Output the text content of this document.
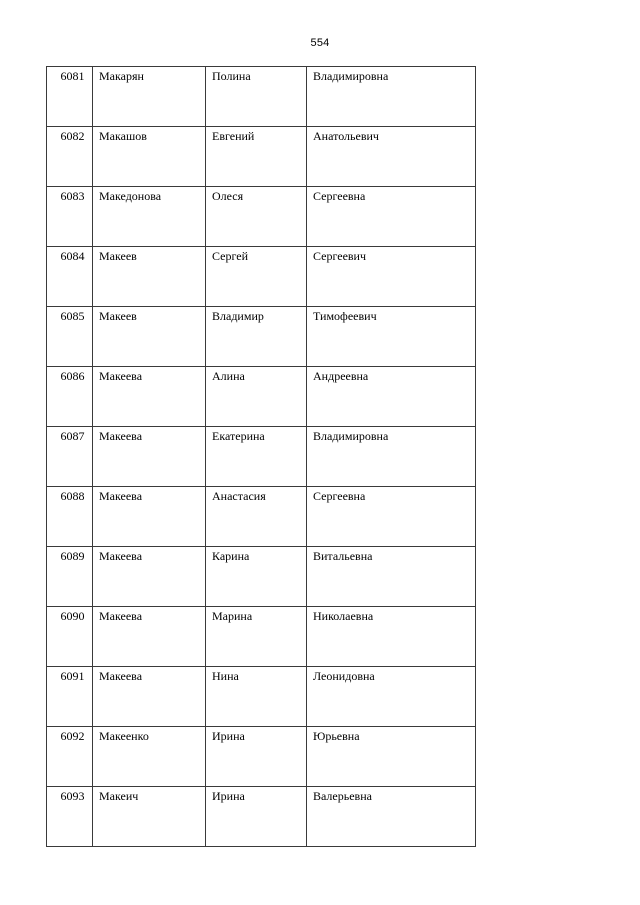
554
6081	Макарян	Полина	Владимировна

6082	Макашов	Евгений	Анатольевич

6083	Македонова	Олеся	Сергеевна

6084	Макеев	Сергей	Сергеевич

6085	Макеев	Владимир	Тимофеевич

6086	Макеева	Алина	Андреевна

6087	Макеева	Екатерина	Владимировна

6088	Макеева	Анастасия	Сергеевна

6089	Макеева	Карина	Витальевна

6090	Макеева	Марина	Николаевна

6091	Макеева	Нина	Леонидовна

6092	Макеенко	Ирина	Юрьевна

6093	Макеич	Ирина	Валерьевна
